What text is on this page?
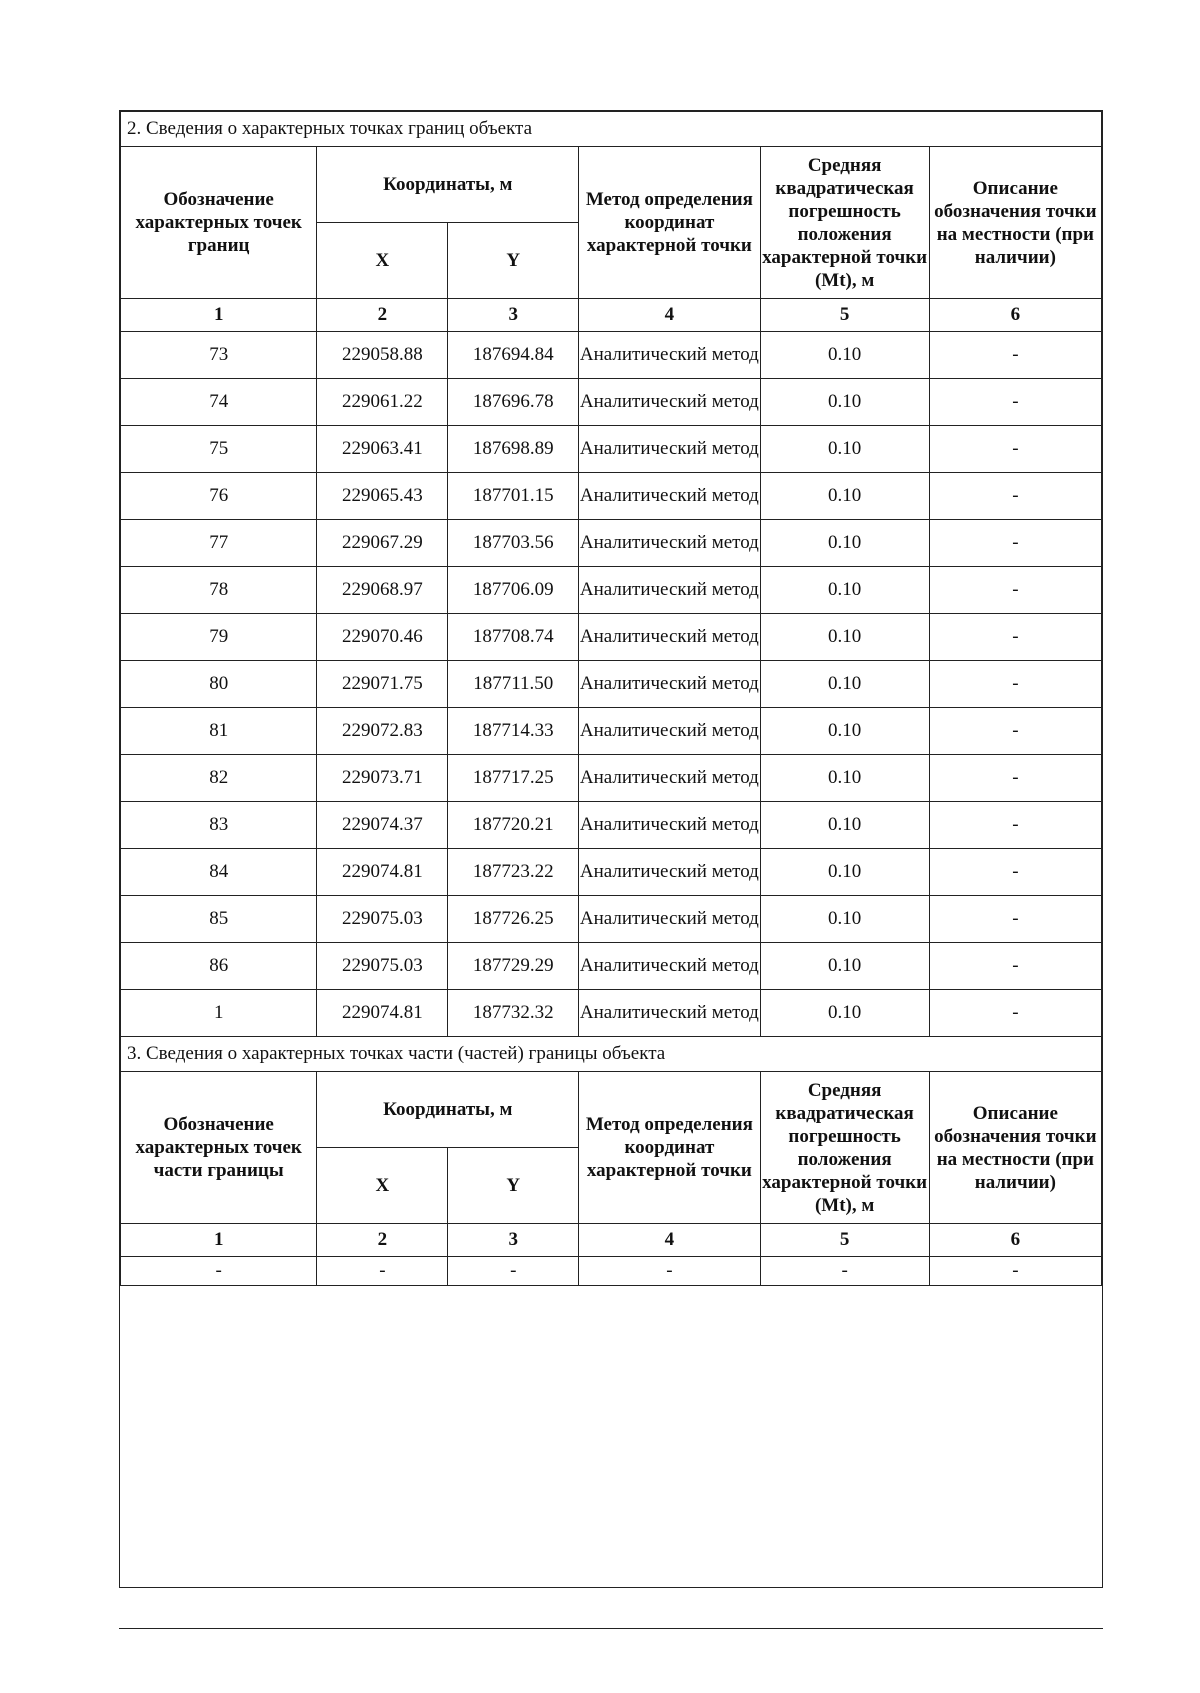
2. Сведения о характерных точках границ объекта					
Обозначение характерных точек границ	Координаты, м		Метод определения координат характерной точки	Средняя квадратическая погрешность положения характерной точки (Mt), м	Описание обозначения точки на местности (при наличии)
	X	Y			
1	2	3	4	5	6
73	229058.88	187694.84	Аналитический метод	0.10	-
74	229061.22	187696.78	Аналитический метод	0.10	-
75	229063.41	187698.89	Аналитический метод	0.10	-
76	229065.43	187701.15	Аналитический метод	0.10	-
77	229067.29	187703.56	Аналитический метод	0.10	-
78	229068.97	187706.09	Аналитический метод	0.10	-
79	229070.46	187708.74	Аналитический метод	0.10	-
80	229071.75	187711.50	Аналитический метод	0.10	-
81	229072.83	187714.33	Аналитический метод	0.10	-
82	229073.71	187717.25	Аналитический метод	0.10	-
83	229074.37	187720.21	Аналитический метод	0.10	-
84	229074.81	187723.22	Аналитический метод	0.10	-
85	229075.03	187726.25	Аналитический метод	0.10	-
86	229075.03	187729.29	Аналитический метод	0.10	-
1	229074.81	187732.32	Аналитический метод	0.10	-
3. Сведения о характерных точках части (частей) границы объекта					
Обозначение характерных точек части границы	Координаты, м		Метод определения координат характерной точки	Средняя квадратическая погрешность положения характерной точки (Mt), м	Описание обозначения точки на местности (при наличии)
	X	Y			
1	2	3	4	5	6
-	-	-	-	-	-
